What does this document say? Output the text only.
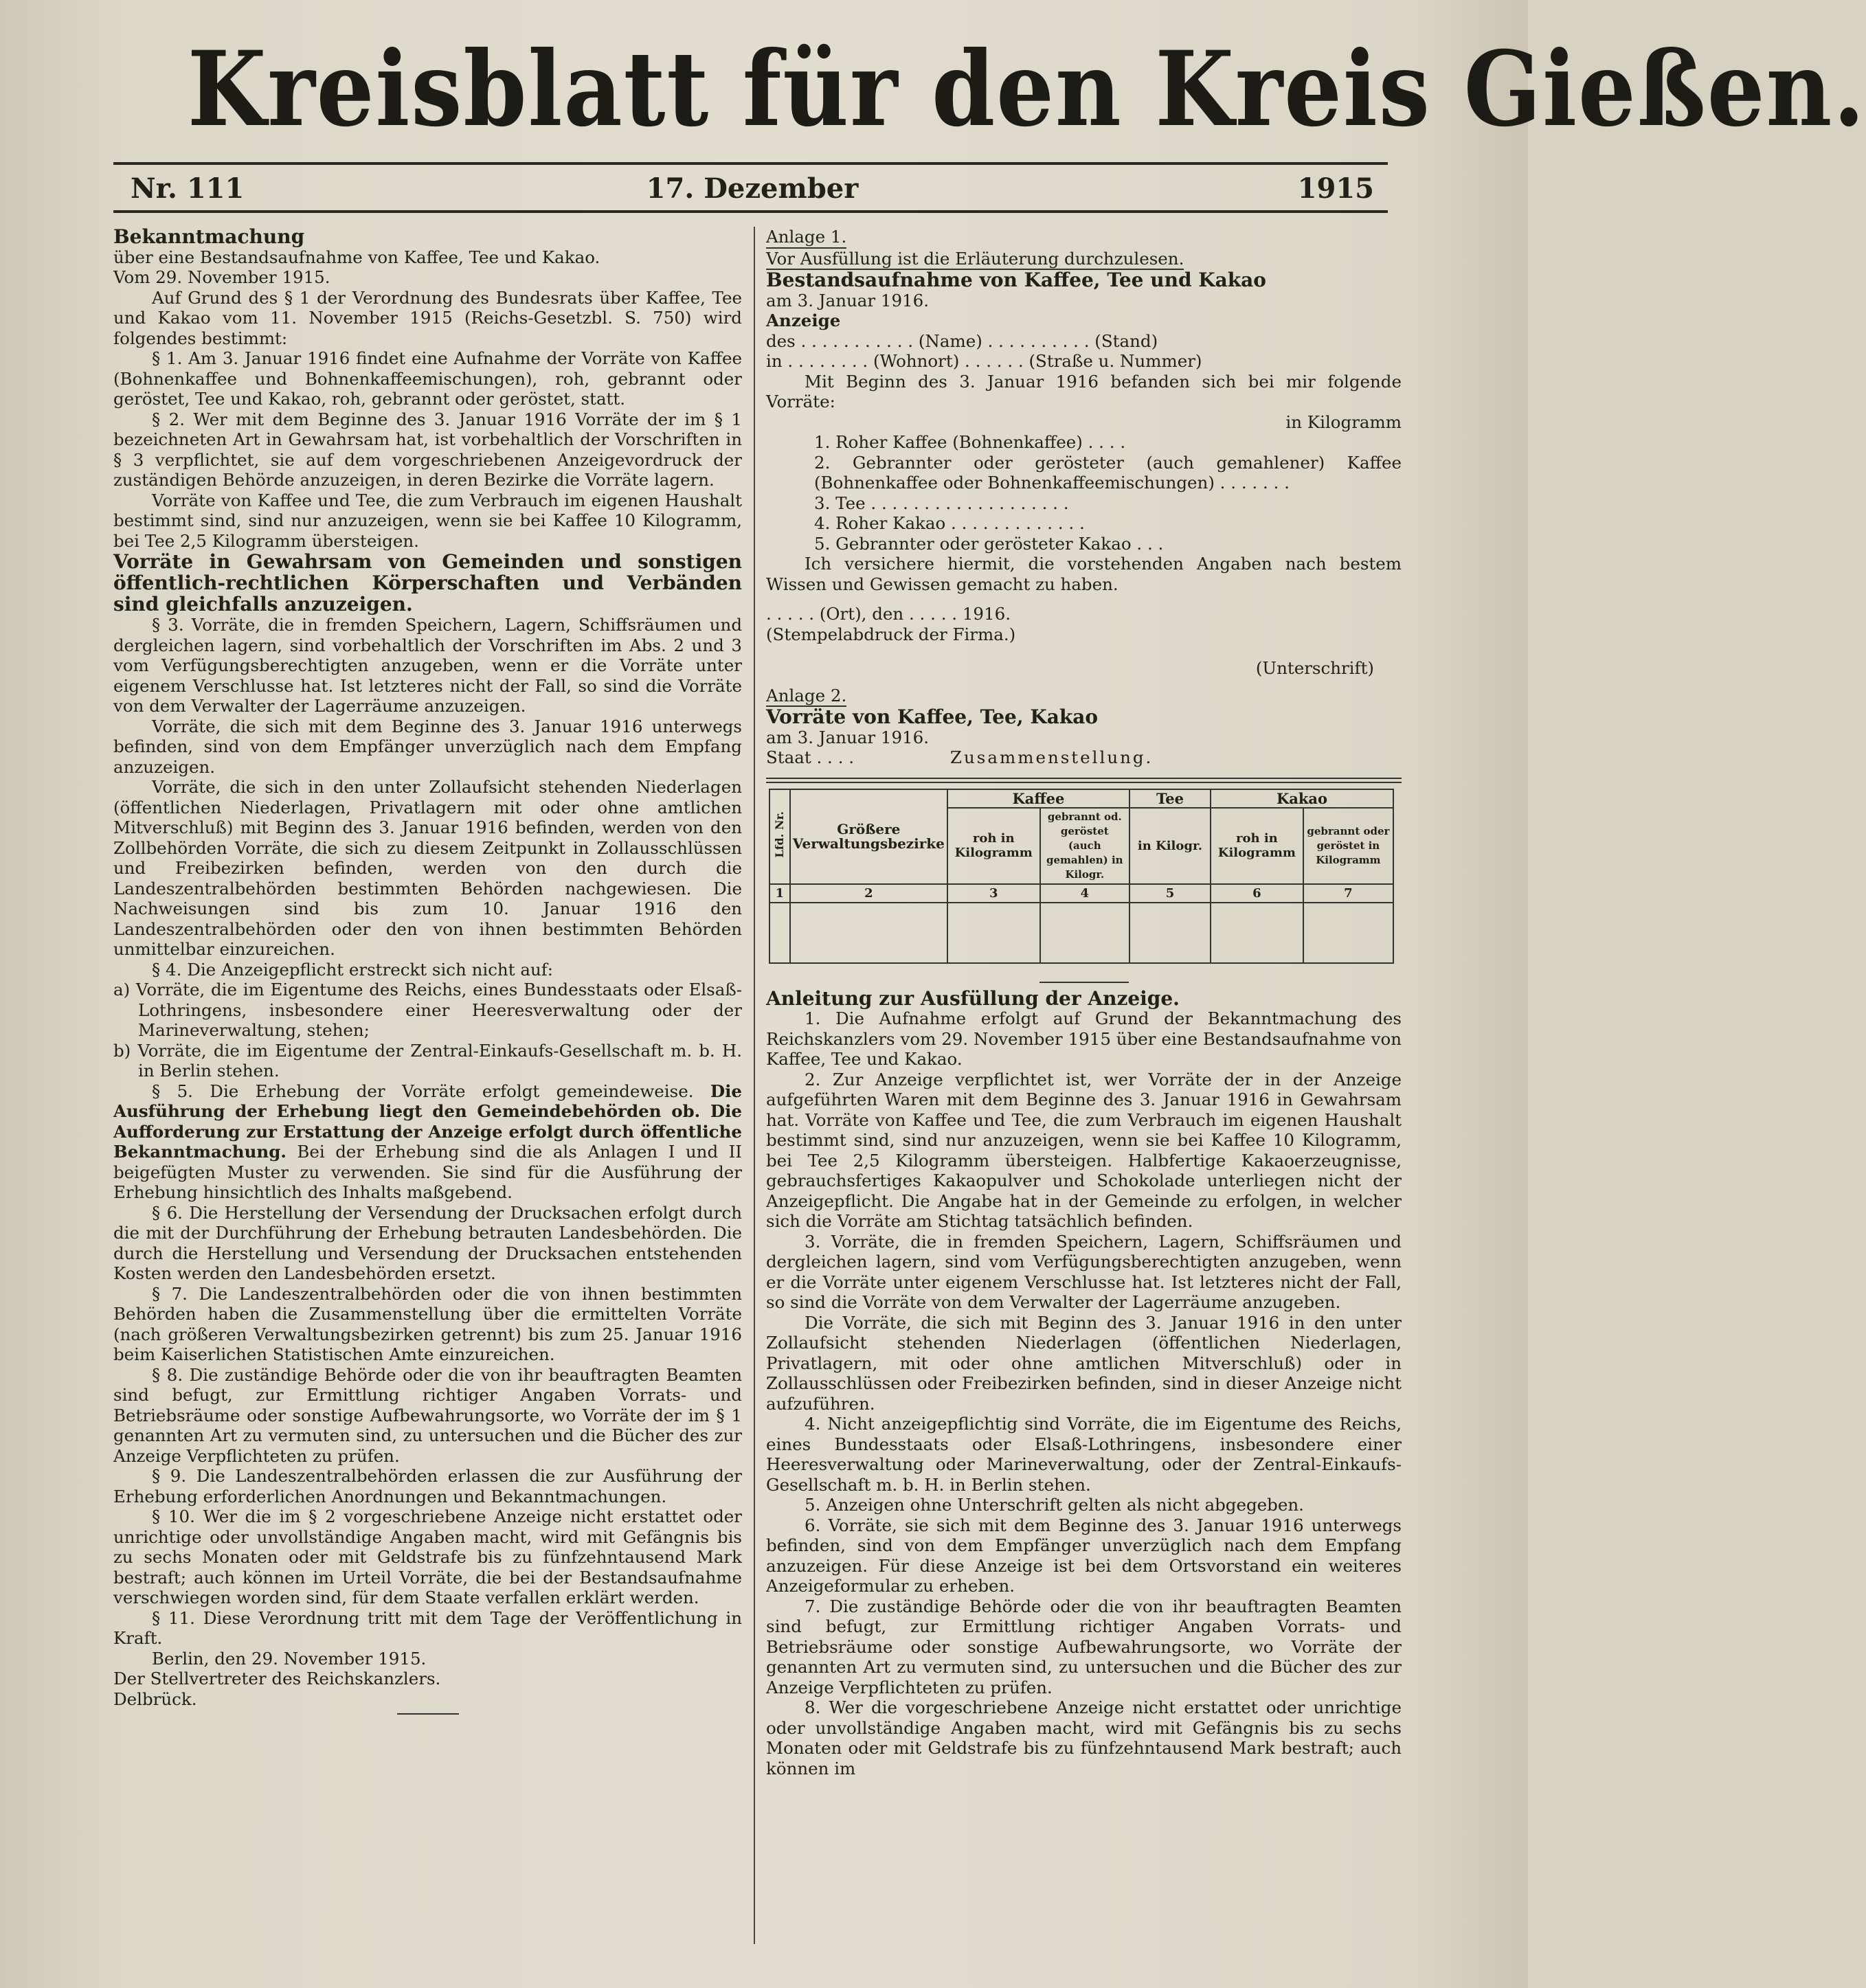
Kreisblatt für den Kreis Gießen.
Nr. 111	17. Dezember	1915

Bekanntmachung

über eine Bestandsaufnahme von Kaffee, Tee und Kakao.

Vom 29. November 1915.

Auf Grund des § 1 der Verordnung des Bundesrats über Kaffee, Tee und Kakao vom 11. November 1915 (Reichs-Gesetzbl. S. 750) wird folgendes bestimmt:

§ 1. Am 3. Januar 1916 findet eine Aufnahme der Vorräte von Kaffee (Bohnenkaffee und Bohnenkaffeemischungen), roh, gebrannt oder geröstet, Tee und Kakao, roh, gebrannt oder geröstet, statt.

§ 2. Wer mit dem Beginne des 3. Januar 1916 Vorräte der im § 1 bezeichneten Art in Gewahrsam hat, ist vorbehaltlich der Vorschriften in § 3 verpflichtet, sie auf dem vorgeschriebenen Anzeigevordruck der zuständigen Behörde anzuzeigen, in deren Bezirke die Vorräte lagern.

Vorräte von Kaffee und Tee, die zum Verbrauch im eigenen Haushalt bestimmt sind, sind nur anzuzeigen, wenn sie bei Kaffee 10 Kilogramm, bei Tee 2,5 Kilogramm übersteigen.

Vorräte in Gewahrsam von Gemeinden und sonstigen öffentlich-rechtlichen Körperschaften und Verbänden sind gleichfalls anzuzeigen.

§ 3. Vorräte, die in fremden Speichern, Lagern, Schiffsräumen und dergleichen lagern, sind vorbehaltlich der Vorschriften im Abs. 2 und 3 vom Verfügungsberechtigten anzugeben, wenn er die Vorräte unter eigenem Verschlusse hat. Ist letzteres nicht der Fall, so sind die Vorräte von dem Verwalter der Lagerräume anzuzeigen.

Vorräte, die sich mit dem Beginne des 3. Januar 1916 unterwegs befinden, sind von dem Empfänger unverzüglich nach dem Empfang anzuzeigen.

Vorräte, die sich in den unter Zollaufsicht stehenden Niederlagen (öffentlichen Niederlagen, Privatlagern mit oder ohne amtlichen Mitverschluß) mit Beginn des 3. Januar 1916 befinden, werden von den Zollbehörden Vorräte, die sich zu diesem Zeitpunkt in Zollausschlüssen und Freibezirken befinden, werden von den durch die Landeszentralbehörden bestimmten Behörden nachgewiesen. Die Nachweisungen sind bis zum 10. Januar 1916 den Landeszentralbehörden oder den von ihnen bestimmten Behörden unmittelbar einzureichen.

§ 4. Die Anzeigepflicht erstreckt sich nicht auf:

a) Vorräte, die im Eigentume des Reichs, eines Bundesstaats oder Elsaß-Lothringens, insbesondere einer Heeresverwaltung oder der Marineverwaltung, stehen;

b) Vorräte, die im Eigentume der Zentral-Einkaufs-Gesellschaft m. b. H. in Berlin stehen.

§ 5. Die Erhebung der Vorräte erfolgt gemeindeweise. Die Ausführung der Erhebung liegt den Gemeindebehörden ob. Die Aufforderung zur Erstattung der Anzeige erfolgt durch öffentliche Bekanntmachung. Bei der Erhebung sind die als Anlagen I und II beigefügten Muster zu verwenden. Sie sind für die Ausführung der Erhebung hinsichtlich des Inhalts maßgebend.

§ 6. Die Herstellung der Versendung der Drucksachen erfolgt durch die mit der Durchführung der Erhebung betrauten Landesbehörden. Die durch die Herstellung und Versendung der Drucksachen entstehenden Kosten werden den Landesbehörden ersetzt.

§ 7. Die Landeszentralbehörden oder die von ihnen bestimmten Behörden haben die Zusammenstellung über die ermittelten Vorräte (nach größeren Verwaltungsbezirken getrennt) bis zum 25. Januar 1916 beim Kaiserlichen Statistischen Amte einzureichen.

§ 8. Die zuständige Behörde oder die von ihr beauftragten Beamten sind befugt, zur Ermittlung richtiger Angaben Vorrats- und Betriebsräume oder sonstige Aufbewahrungsorte, wo Vorräte der im § 1 genannten Art zu vermuten sind, zu untersuchen und die Bücher des zur Anzeige Verpflichteten zu prüfen.

§ 9. Die Landeszentralbehörden erlassen die zur Ausführung der Erhebung erforderlichen Anordnungen und Bekanntmachungen.

§ 10. Wer die im § 2 vorgeschriebene Anzeige nicht erstattet oder unrichtige oder unvollständige Angaben macht, wird mit Gefängnis bis zu sechs Monaten oder mit Geldstrafe bis zu fünfzehntausend Mark bestraft; auch können im Urteil Vorräte, die bei der Bestandsaufnahme verschwiegen worden sind, für dem Staate verfallen erklärt werden.

§ 11. Diese Verordnung tritt mit dem Tage der Veröffentlichung in Kraft.

Berlin, den 29. November 1915.

Der Stellvertreter des Reichskanzlers.

Delbrück.

Anlage 1.

Vor Ausfüllung ist die Erläuterung durchzulesen.

Bestandsaufnahme von Kaffee, Tee und Kakao

am 3. Januar 1916.

Anzeige

des . . . . . . . . . . . (Name) . . . . . . . . . . (Stand)

in . . . . . . . . (Wohnort) . . . . . . (Straße u. Nummer)

Mit Beginn des 3. Januar 1916 befanden sich bei mir folgende Vorräte:

in Kilogramm

1. Roher Kaffee (Bohnenkaffee) . . . .

2. Gebrannter oder gerösteter (auch gemahlener) Kaffee (Bohnenkaffee oder Bohnenkaffeemischungen) . . . . . . .

3. Tee . . . . . . . . . . . . . . . . . . .

4. Roher Kakao . . . . . . . . . . . . .

5. Gebrannter oder gerösteter Kakao . . .

Ich versichere hiermit, die vorstehenden Angaben nach bestem Wissen und Gewissen gemacht zu haben.

. . . . . (Ort), den . . . . . 1916.

(Stempelabdruck der Firma.)

(Unterschrift)

Anlage 2.

Vorräte von Kaffee, Tee, Kakao

am 3. Januar 1916.

Staat . . . .	Zusammenstellung.

Lfd. Nr.	Größere Verwaltungsbezirke	Kaffee		Tee	Kakao	
		roh in Kilogramm	gebrannt od. geröstet (auch gemahlen) in Kilogr.	in Kilogr.	roh in Kilogramm	gebrannt oder geröstet in Kilogramm
1	2	3	4	5	6	7

Anleitung zur Ausfüllung der Anzeige.

1. Die Aufnahme erfolgt auf Grund der Bekanntmachung des Reichskanzlers vom 29. November 1915 über eine Bestandsaufnahme von Kaffee, Tee und Kakao.

2. Zur Anzeige verpflichtet ist, wer Vorräte der in der Anzeige aufgeführten Waren mit dem Beginne des 3. Januar 1916 in Gewahrsam hat. Vorräte von Kaffee und Tee, die zum Verbrauch im eigenen Haushalt bestimmt sind, sind nur anzuzeigen, wenn sie bei Kaffee 10 Kilogramm, bei Tee 2,5 Kilogramm übersteigen. Halbfertige Kakaoerzeugnisse, gebrauchsfertiges Kakaopulver und Schokolade unterliegen nicht der Anzeigepflicht. Die Angabe hat in der Gemeinde zu erfolgen, in welcher sich die Vorräte am Stichtag tatsächlich befinden.

3. Vorräte, die in fremden Speichern, Lagern, Schiffsräumen und dergleichen lagern, sind vom Verfügungsberechtigten anzugeben, wenn er die Vorräte unter eigenem Verschlusse hat. Ist letzteres nicht der Fall, so sind die Vorräte von dem Verwalter der Lagerräume anzugeben.

Die Vorräte, die sich mit Beginn des 3. Januar 1916 in den unter Zollaufsicht stehenden Niederlagen (öffentlichen Niederlagen, Privatlagern, mit oder ohne amtlichen Mitverschluß) oder in Zollausschlüssen oder Freibezirken befinden, sind in dieser Anzeige nicht aufzuführen.

4. Nicht anzeigepflichtig sind Vorräte, die im Eigentume des Reichs, eines Bundesstaats oder Elsaß-Lothringens, insbesondere einer Heeresverwaltung oder Marineverwaltung, oder der Zentral-Einkaufs-Gesellschaft m. b. H. in Berlin stehen.

5. Anzeigen ohne Unterschrift gelten als nicht abgegeben.

6. Vorräte, sie sich mit dem Beginne des 3. Januar 1916 unterwegs befinden, sind von dem Empfänger unverzüglich nach dem Empfang anzuzeigen. Für diese Anzeige ist bei dem Ortsvorstand ein weiteres Anzeigeformular zu erheben.

7. Die zuständige Behörde oder die von ihr beauftragten Beamten sind befugt, zur Ermittlung richtiger Angaben Vorrats- und Betriebsräume oder sonstige Aufbewahrungsorte, wo Vorräte der genannten Art zu vermuten sind, zu untersuchen und die Bücher des zur Anzeige Verpflichteten zu prüfen.

8. Wer die vorgeschriebene Anzeige nicht erstattet oder unrichtige oder unvollständige Angaben macht, wird mit Gefängnis bis zu sechs Monaten oder mit Geldstrafe bis zu fünfzehntausend Mark bestraft; auch können im
